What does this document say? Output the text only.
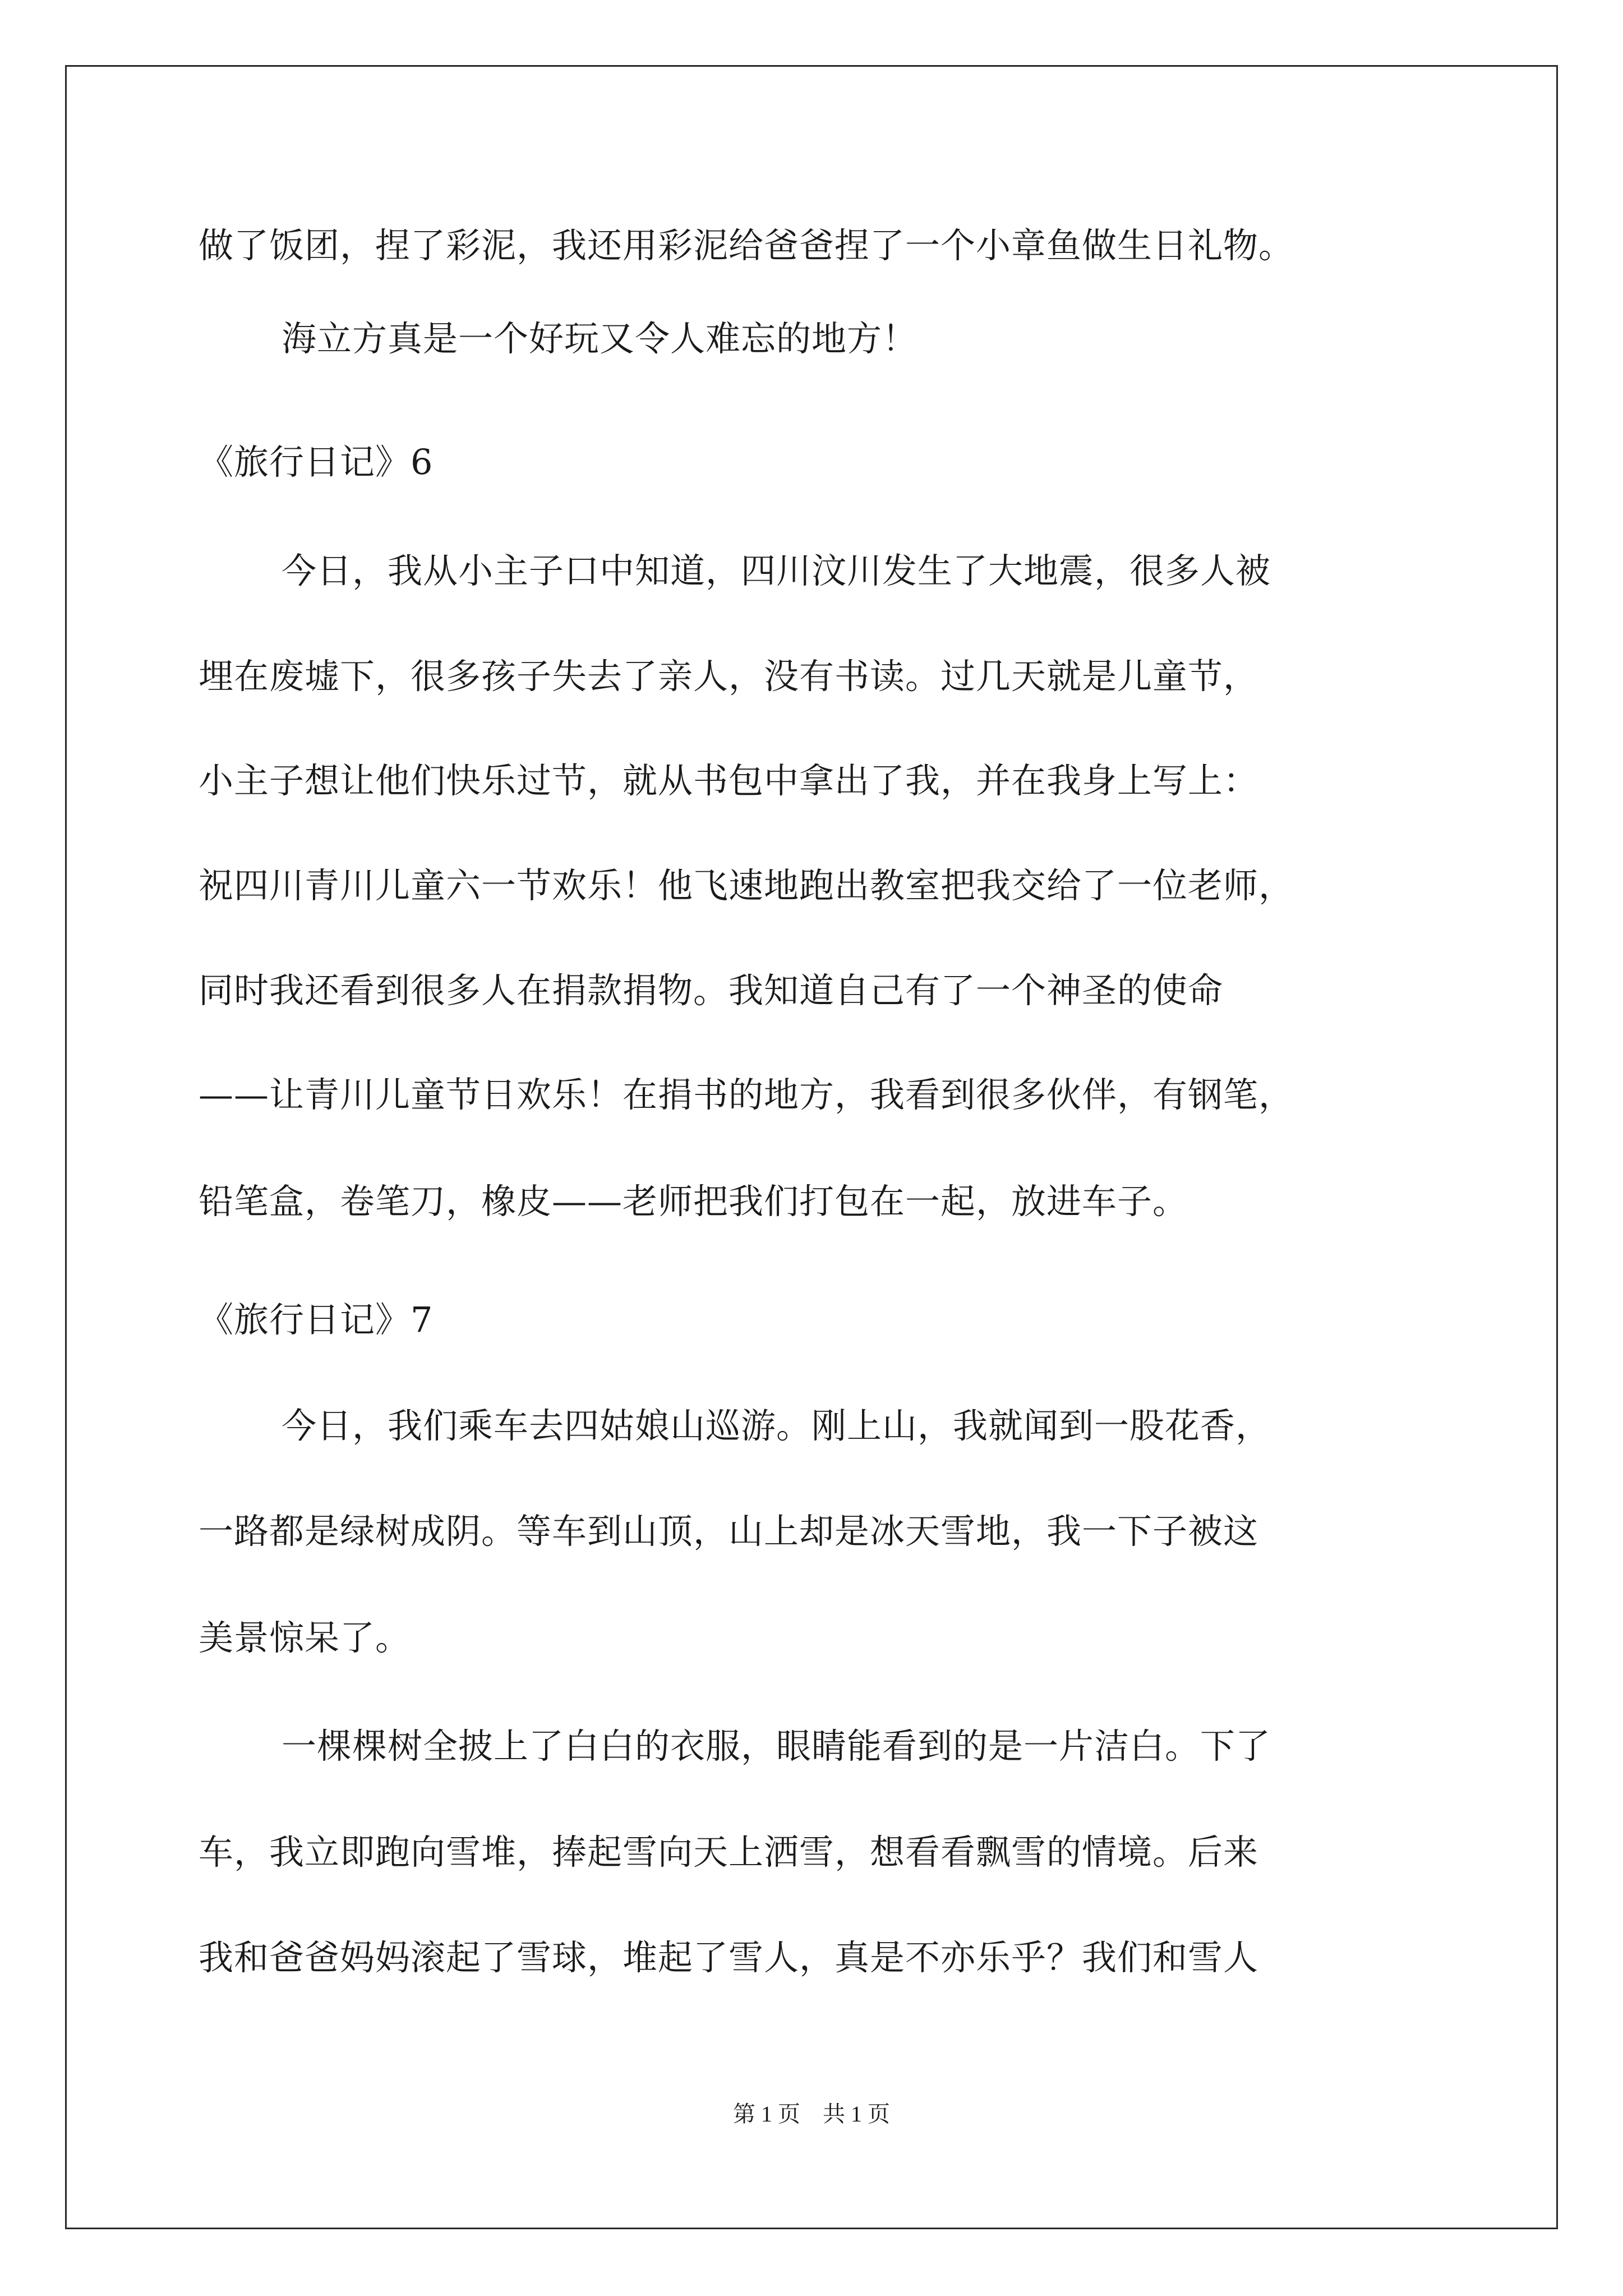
做了饭团，捏了彩泥，我还用彩泥给爸爸捏了一个小章鱼做生日礼物。
海立方真是一个好玩又令人难忘的地方！
《旅行日记》6
今日，我从小主子口中知道，四川汶川发生了大地震，很多人被
埋在废墟下，很多孩子失去了亲人，没有书读。过几天就是儿童节，
小主子想让他们快乐过节，就从书包中拿出了我，并在我身上写上：
祝四川青川儿童六一节欢乐！他飞速地跑出教室把我交给了一位老师，
同时我还看到很多人在捐款捐物。我知道自己有了一个神圣的使命
——让青川儿童节日欢乐！在捐书的地方，我看到很多伙伴，有钢笔，
铅笔盒，卷笔刀，橡皮——老师把我们打包在一起，放进车子。
《旅行日记》7
今日，我们乘车去四姑娘山巡游。刚上山，我就闻到一股花香，
一路都是绿树成阴。等车到山顶，山上却是冰天雪地，我一下子被这
美景惊呆了。
一棵棵树全披上了白白的衣服，眼睛能看到的是一片洁白。下了
车，我立即跑向雪堆，捧起雪向天上洒雪，想看看飘雪的情境。后来
我和爸爸妈妈滚起了雪球，堆起了雪人，真是不亦乐乎？我们和雪人
第 1 页　共 1 页
